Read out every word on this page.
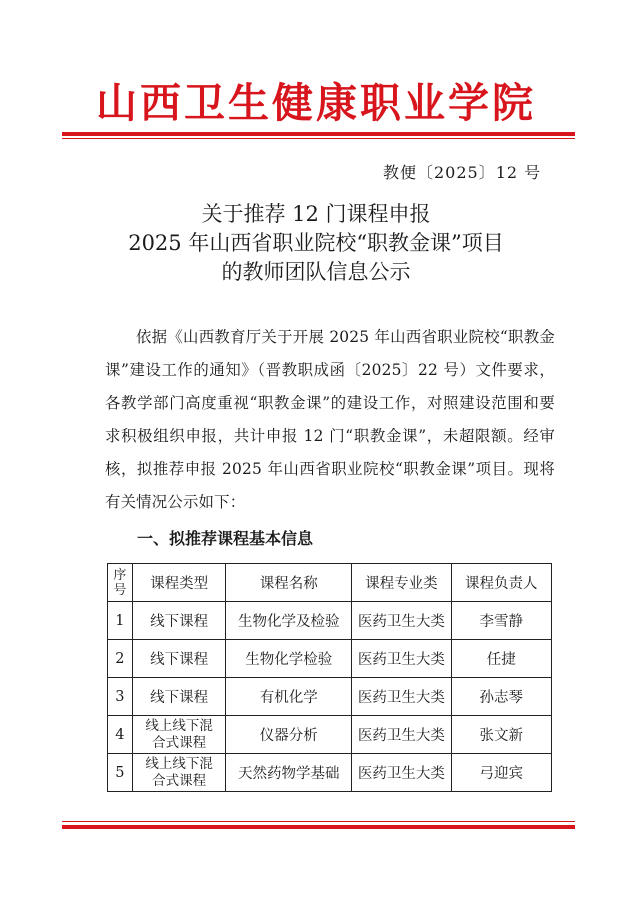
山西卫生健康职业学院
教便〔2025〕12 号
关于推荐 12 门课程申报
2025 年山西省职业院校“职教金课”项目
的教师团队信息公示

依据《山西教育厅关于开展 2025 年山西省职业院校“职教金课”建设工作的通知》（晋教职成函〔2025〕22 号）文件要求，各教学部门高度重视“职教金课”的建设工作，对照建设范围和要求积极组织申报，共计申报 12 门“职教金课”，未超限额。经审核，拟推荐申报 2025 年山西省职业院校“职教金课”项目。现将有关情况公示如下：

一、拟推荐课程基本信息
序号	课程类型	课程名称	课程专业类	课程负责人
1	线下课程	生物化学及检验	医药卫生大类	李雪静
2	线下课程	生物化学检验	医药卫生大类	任捷
3	线下课程	有机化学	医药卫生大类	孙志琴
4	线上线下混合式课程	仪器分析	医药卫生大类	张文新
5	线上线下混合式课程	天然药物学基础	医药卫生大类	弓迎宾
